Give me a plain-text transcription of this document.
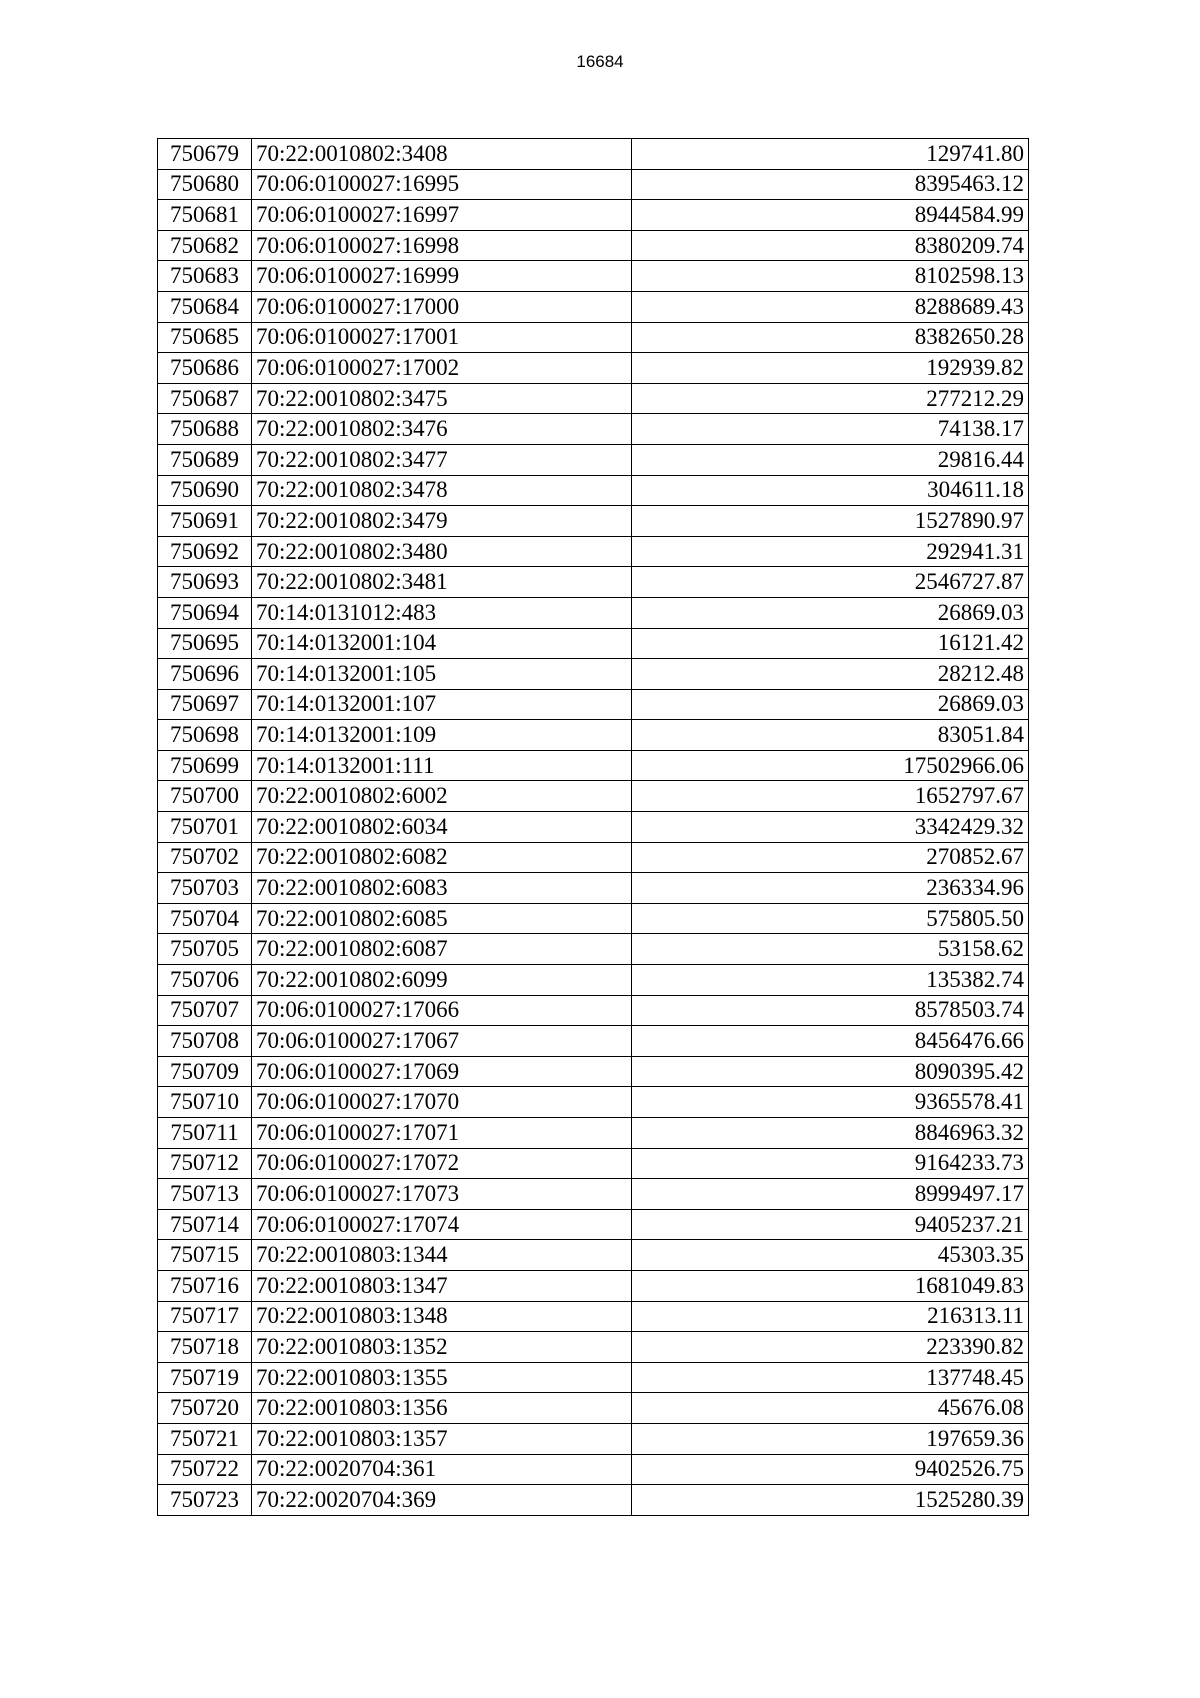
16684
750679	70:22:0010802:3408	129741.80
750680	70:06:0100027:16995	8395463.12
750681	70:06:0100027:16997	8944584.99
750682	70:06:0100027:16998	8380209.74
750683	70:06:0100027:16999	8102598.13
750684	70:06:0100027:17000	8288689.43
750685	70:06:0100027:17001	8382650.28
750686	70:06:0100027:17002	192939.82
750687	70:22:0010802:3475	277212.29
750688	70:22:0010802:3476	74138.17
750689	70:22:0010802:3477	29816.44
750690	70:22:0010802:3478	304611.18
750691	70:22:0010802:3479	1527890.97
750692	70:22:0010802:3480	292941.31
750693	70:22:0010802:3481	2546727.87
750694	70:14:0131012:483	26869.03
750695	70:14:0132001:104	16121.42
750696	70:14:0132001:105	28212.48
750697	70:14:0132001:107	26869.03
750698	70:14:0132001:109	83051.84
750699	70:14:0132001:111	17502966.06
750700	70:22:0010802:6002	1652797.67
750701	70:22:0010802:6034	3342429.32
750702	70:22:0010802:6082	270852.67
750703	70:22:0010802:6083	236334.96
750704	70:22:0010802:6085	575805.50
750705	70:22:0010802:6087	53158.62
750706	70:22:0010802:6099	135382.74
750707	70:06:0100027:17066	8578503.74
750708	70:06:0100027:17067	8456476.66
750709	70:06:0100027:17069	8090395.42
750710	70:06:0100027:17070	9365578.41
750711	70:06:0100027:17071	8846963.32
750712	70:06:0100027:17072	9164233.73
750713	70:06:0100027:17073	8999497.17
750714	70:06:0100027:17074	9405237.21
750715	70:22:0010803:1344	45303.35
750716	70:22:0010803:1347	1681049.83
750717	70:22:0010803:1348	216313.11
750718	70:22:0010803:1352	223390.82
750719	70:22:0010803:1355	137748.45
750720	70:22:0010803:1356	45676.08
750721	70:22:0010803:1357	197659.36
750722	70:22:0020704:361	9402526.75
750723	70:22:0020704:369	1525280.39
